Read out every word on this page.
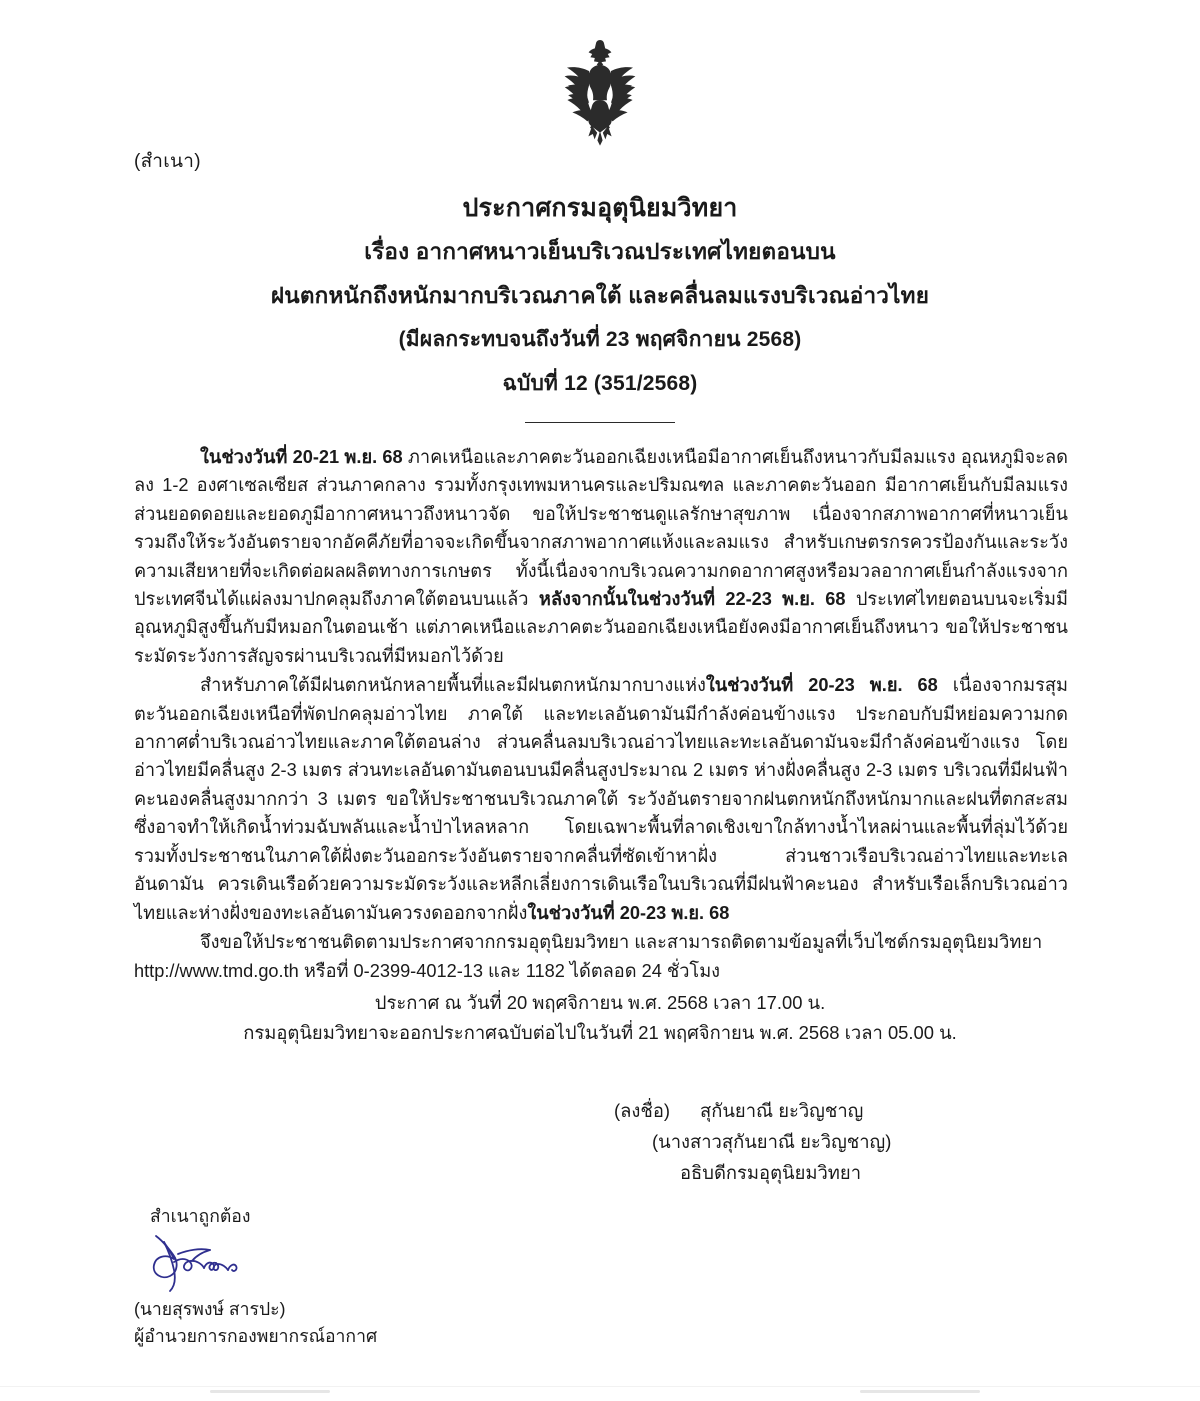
(สำเนา)
ประกาศกรมอุตุนิยมวิทยา
เรื่อง อากาศหนาวเย็นบริเวณประเทศไทยตอนบน
ฝนตกหนักถึงหนักมากบริเวณภาคใต้ และคลื่นลมแรงบริเวณอ่าวไทย
(มีผลกระทบจนถึงวันที่ 23 พฤศจิกายน 2568)
ฉบับที่ 12 (351/2568)

ในช่วงวันที่ 20-21 พ.ย. 68 ภาคเหนือและภาคตะวันออกเฉียงเหนือมีอากาศเย็นถึงหนาวกับมีลมแรง อุณหภูมิจะลดลง 1-2 องศาเซลเซียส ส่วนภาคกลาง รวมทั้งกรุงเทพมหานครและปริมณฑล และภาคตะวันออก มีอากาศเย็นกับมีลมแรง ส่วนยอดดอยและยอดภูมีอากาศหนาวถึงหนาวจัด ขอให้ประชาชนดูแลรักษาสุขภาพ เนื่องจากสภาพอากาศที่หนาวเย็น รวมถึงให้ระวังอันตรายจากอัคคีภัยที่อาจจะเกิดขึ้นจากสภาพอากาศแห้งและลมแรง สำหรับเกษตรกรควรป้องกันและระวังความเสียหายที่จะเกิดต่อผลผลิตทางการเกษตร ทั้งนี้เนื่องจากบริเวณความกดอากาศสูงหรือมวลอากาศเย็นกำลังแรงจากประเทศจีนได้แผ่ลงมาปกคลุมถึงภาคใต้ตอนบนแล้ว หลังจากนั้นในช่วงวันที่ 22-23 พ.ย. 68 ประเทศไทยตอนบนจะเริ่มมีอุณหภูมิสูงขึ้นกับมีหมอกในตอนเช้า แต่ภาคเหนือและภาคตะวันออกเฉียงเหนือยังคงมีอากาศเย็นถึงหนาว ขอให้ประชาชนระมัดระวังการสัญจรผ่านบริเวณที่มีหมอกไว้ด้วย

สำหรับภาคใต้มีฝนตกหนักหลายพื้นที่และมีฝนตกหนักมากบางแห่งในช่วงวันที่ 20-23 พ.ย. 68 เนื่องจากมรสุมตะวันออกเฉียงเหนือที่พัดปกคลุมอ่าวไทย ภาคใต้ และทะเลอันดามันมีกำลังค่อนข้างแรง ประกอบกับมีหย่อมความกดอากาศต่ำบริเวณอ่าวไทยและภาคใต้ตอนล่าง ส่วนคลื่นลมบริเวณอ่าวไทยและทะเลอันดามันจะมีกำลังค่อนข้างแรง โดยอ่าวไทยมีคลื่นสูง 2-3 เมตร ส่วนทะเลอันดามันตอนบนมีคลื่นสูงประมาณ 2 เมตร ห่างฝั่งคลื่นสูง 2-3 เมตร บริเวณที่มีฝนฟ้าคะนองคลื่นสูงมากกว่า 3 เมตร ขอให้ประชาชนบริเวณภาคใต้ ระวังอันตรายจากฝนตกหนักถึงหนักมากและฝนที่ตกสะสม ซึ่งอาจทำให้เกิดน้ำท่วมฉับพลันและน้ำป่าไหลหลาก โดยเฉพาะพื้นที่ลาดเชิงเขาใกล้ทางน้ำไหลผ่านและพื้นที่ลุ่มไว้ด้วย รวมทั้งประชาชนในภาคใต้ฝั่งตะวันออกระวังอันตรายจากคลื่นที่ซัดเข้าหาฝั่ง ส่วนชาวเรือบริเวณอ่าวไทยและทะเลอันดามัน ควรเดินเรือด้วยความระมัดระวังและหลีกเลี่ยงการเดินเรือในบริเวณที่มีฝนฟ้าคะนอง สำหรับเรือเล็กบริเวณอ่าวไทยและห่างฝั่งของทะเลอันดามันควรงดออกจากฝั่งในช่วงวันที่ 20-23 พ.ย. 68

จึงขอให้ประชาชนติดตามประกาศจากกรมอุตุนิยมวิทยา และสามารถติดตามข้อมูลที่เว็บไซต์กรมอุตุนิยมวิทยา

http://www.tmd.go.th หรือที่ 0-2399-4012-13 และ 1182 ได้ตลอด 24 ชั่วโมง

ประกาศ ณ วันที่ 20 พฤศจิกายน พ.ศ. 2568 เวลา 17.00 น.
กรมอุตุนิยมวิทยาจะออกประกาศฉบับต่อไปในวันที่ 21 พฤศจิกายน พ.ศ. 2568 เวลา 05.00 น.
(ลงชื่อ) สุกันยาณี ยะวิญชาญ
(นางสาวสุกันยาณี ยะวิญชาญ)
อธิบดีกรมอุตุนิยมวิทยา
สำเนาถูกต้อง
(นายสุรพงษ์ สารปะ)
ผู้อำนวยการกองพยากรณ์อากาศ
